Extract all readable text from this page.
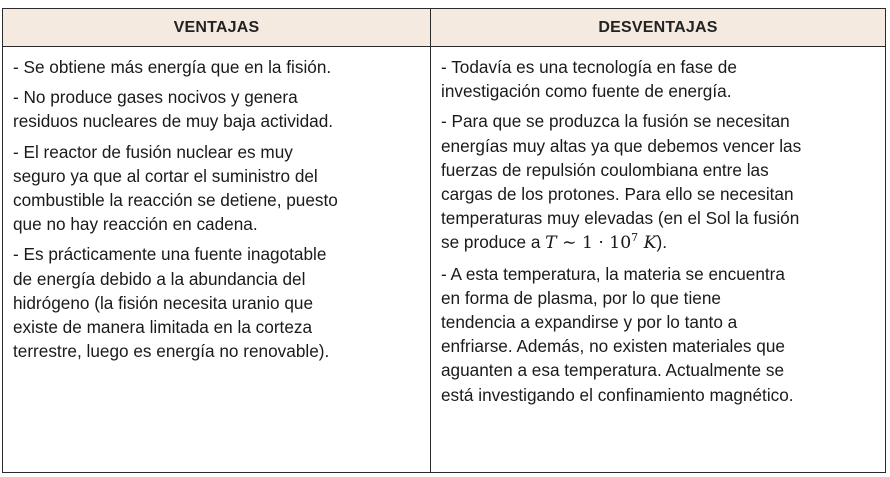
VENTAJAS	DESVENTAJAS
- Se obtiene más energía que en la fisión.
- No produce gases nocivos y genera
residuos nucleares de muy baja actividad.
- El reactor de fusión nuclear es muy
seguro ya que al cortar el suministro del
combustible la reacción se detiene, puesto
que no hay reacción en cadena.
- Es prácticamente una fuente inagotable
de energía debido a la abundancia del
hidrógeno (la fisión necesita uranio que
existe de manera limitada en la corteza
terrestre, luego es energía no renovable).
- Todavía es una tecnología en fase de
investigación como fuente de energía.
- Para que se produzca la fusión se necesitan
energías muy altas ya que debemos vencer las
fuerzas de repulsión coulombiana entre las
cargas de los protones. Para ello se necesitan
temperaturas muy elevadas (en el Sol la fusión
se produce a T ∼ $1 \cdot 10^7$ K).
- A esta temperatura, la materia se encuentra
en forma de plasma, por lo que tiene
tendencia a expandirse y por lo tanto a
enfriarse. Además, no existen materiales que
aguanten a esa temperatura. Actualmente se
está investigando el confinamiento magnético.
